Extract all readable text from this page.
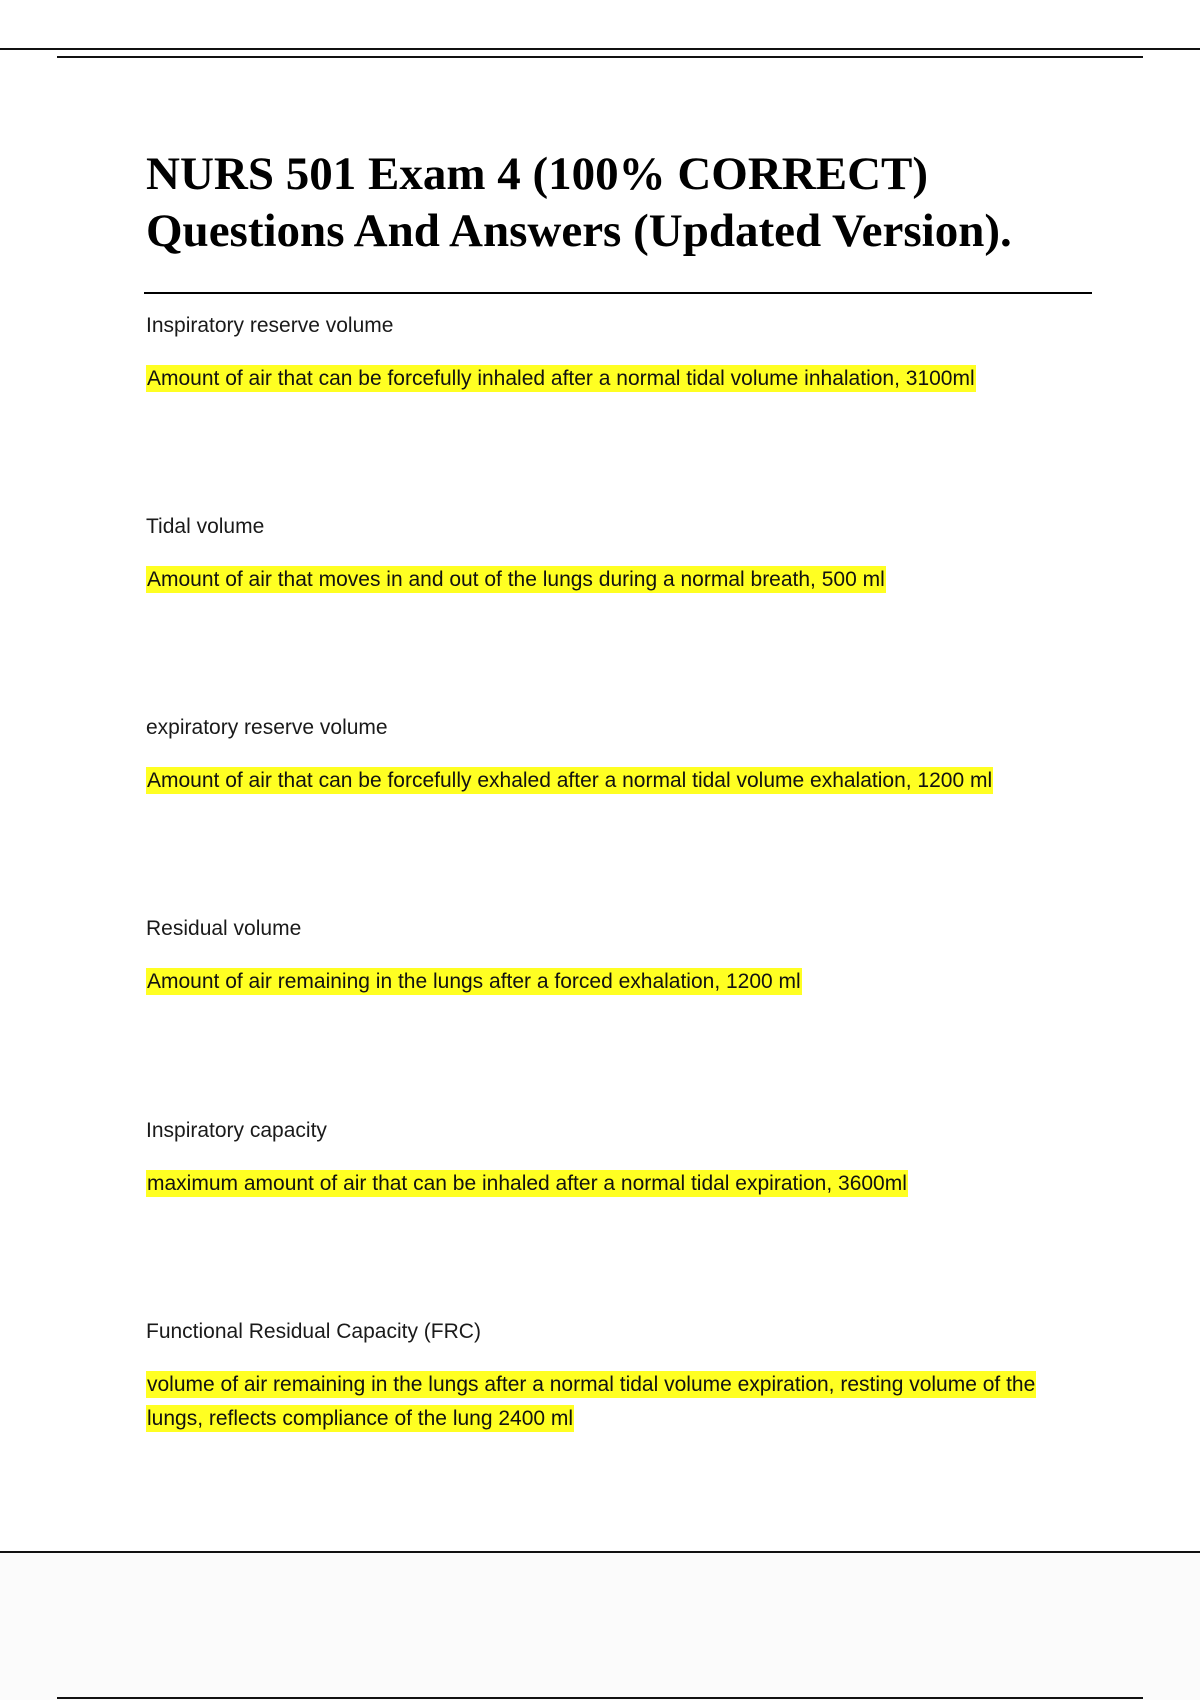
NURS 501 Exam 4 (100% CORRECT) Questions And Answers (Updated Version).

Inspiratory reserve volume

Amount of air that can be forcefully inhaled after a normal tidal volume inhalation, 3100ml

Tidal volume

Amount of air that moves in and out of the lungs during a normal breath, 500 ml

expiratory reserve volume

Amount of air that can be forcefully exhaled after a normal tidal volume exhalation, 1200 ml

Residual volume

Amount of air remaining in the lungs after a forced exhalation, 1200 ml

Inspiratory capacity

maximum amount of air that can be inhaled after a normal tidal expiration, 3600ml

Functional Residual Capacity (FRC)

volume of air remaining in the lungs after a normal tidal volume expiration, resting volume of the lungs, reflects compliance of the lung 2400 ml
